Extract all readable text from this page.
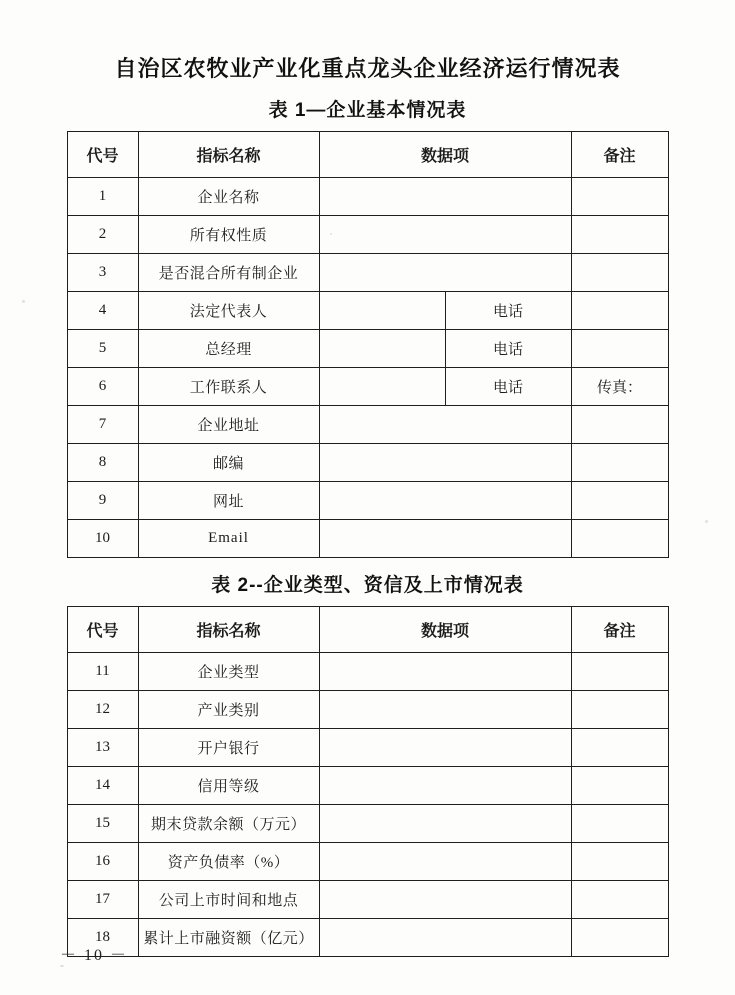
自治区农牧业产业化重点龙头企业经济运行情况表
表 1—企业基本情况表
代号	指标名称	数据项		备注
1	企业名称			
2	所有权性质			
3	是否混合所有制企业			
4	法定代表人		电话	
5	总经理		电话	
6	工作联系人		电话	传真：
7	企业地址			
8	邮编			
9	网址			
10	Email			
表 2--企业类型、资信及上市情况表
代号	指标名称	数据项	备注
11	企业类型		
12	产业类别		
13	开户银行		
14	信用等级		
15	期末贷款余额（万元）		
16	资产负债率（%）		
17	公司上市时间和地点		
18	累计上市融资额（亿元）		
－ 10 －
